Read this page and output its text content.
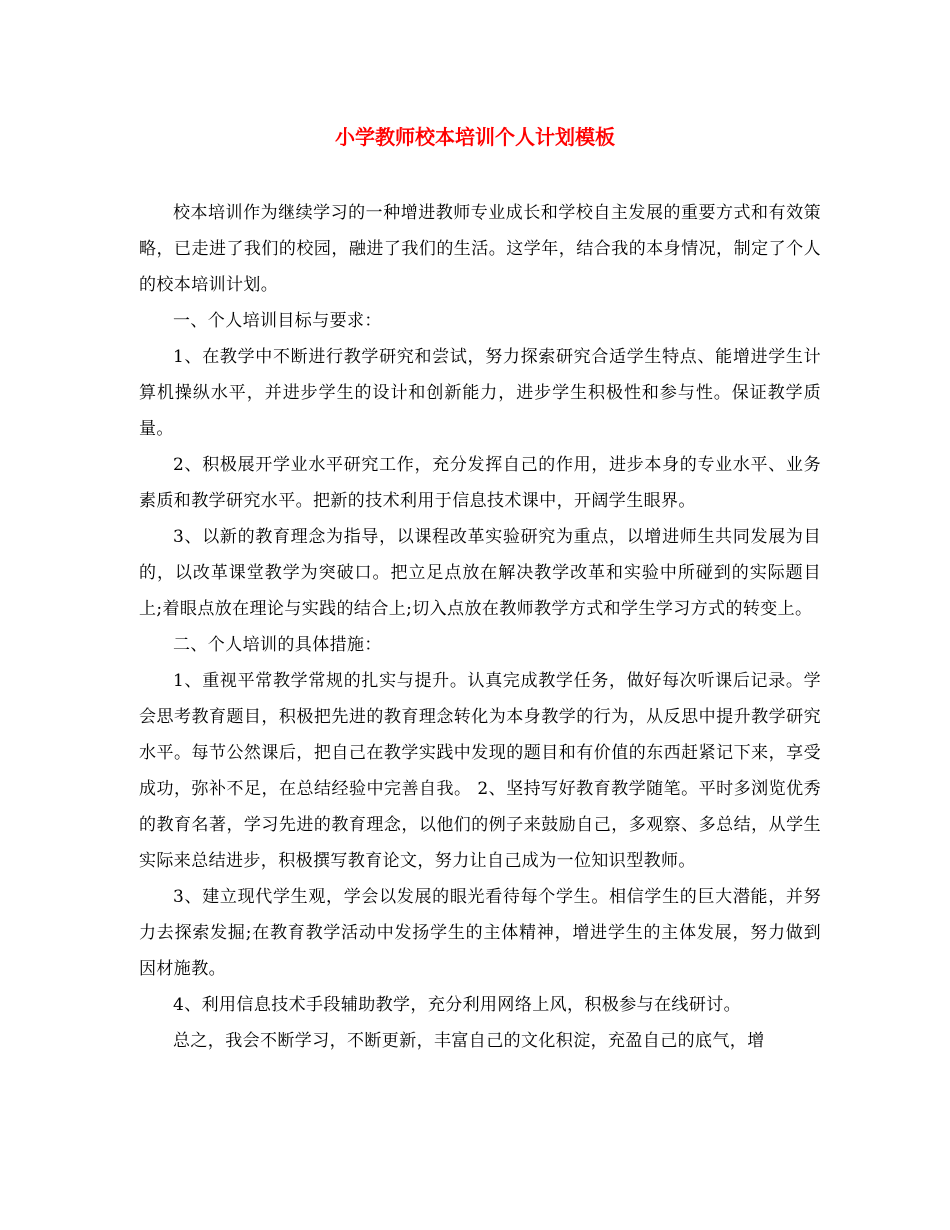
小学教师校本培训个人计划模板

校本培训作为继续学习的一种增进教师专业成长和学校自主发展的重要方式和有效策略，已走进了我们的校园，融进了我们的生活。这学年，结合我的本身情况，制定了个人的校本培训计划。

一、个人培训目标与要求：

1、在教学中不断进行教学研究和尝试，努力探索研究合适学生特点、能增进学生计算机操纵水平，并进步学生的设计和创新能力，进步学生积极性和参与性。保证教学质量。

2、积极展开学业水平研究工作，充分发挥自己的作用，进步本身的专业水平、业务素质和教学研究水平。把新的技术利用于信息技术课中，开阔学生眼界。

3、以新的教育理念为指导，以课程改革实验研究为重点，以增进师生共同发展为目的，以改革课堂教学为突破口。把立足点放在解决教学改革和实验中所碰到的实际题目上;着眼点放在理论与实践的结合上;切入点放在教师教学方式和学生学习方式的转变上。

二、个人培训的具体措施：

1、重视平常教学常规的扎实与提升。认真完成教学任务，做好每次听课后记录。学会思考教育题目，积极把先进的教育理念转化为本身教学的行为，从反思中提升教学研究水平。每节公然课后，把自己在教学实践中发现的题目和有价值的东西赶紧记下来，享受成功，弥补不足，在总结经验中完善自我。 2、坚持写好教育教学随笔。平时多浏览优秀的教育名著，学习先进的教育理念，以他们的例子来鼓励自己，多观察、多总结，从学生实际来总结进步，积极撰写教育论文，努力让自己成为一位知识型教师。

3、建立现代学生观，学会以发展的眼光看待每个学生。相信学生的巨大潜能，并努力去探索发掘;在教育教学活动中发扬学生的主体精神，增进学生的主体发展，努力做到因材施教。

4、利用信息技术手段辅助教学，充分利用网络上风，积极参与在线研讨。

总之，我会不断学习，不断更新，丰富自己的文化积淀，充盈自己的底气，增
